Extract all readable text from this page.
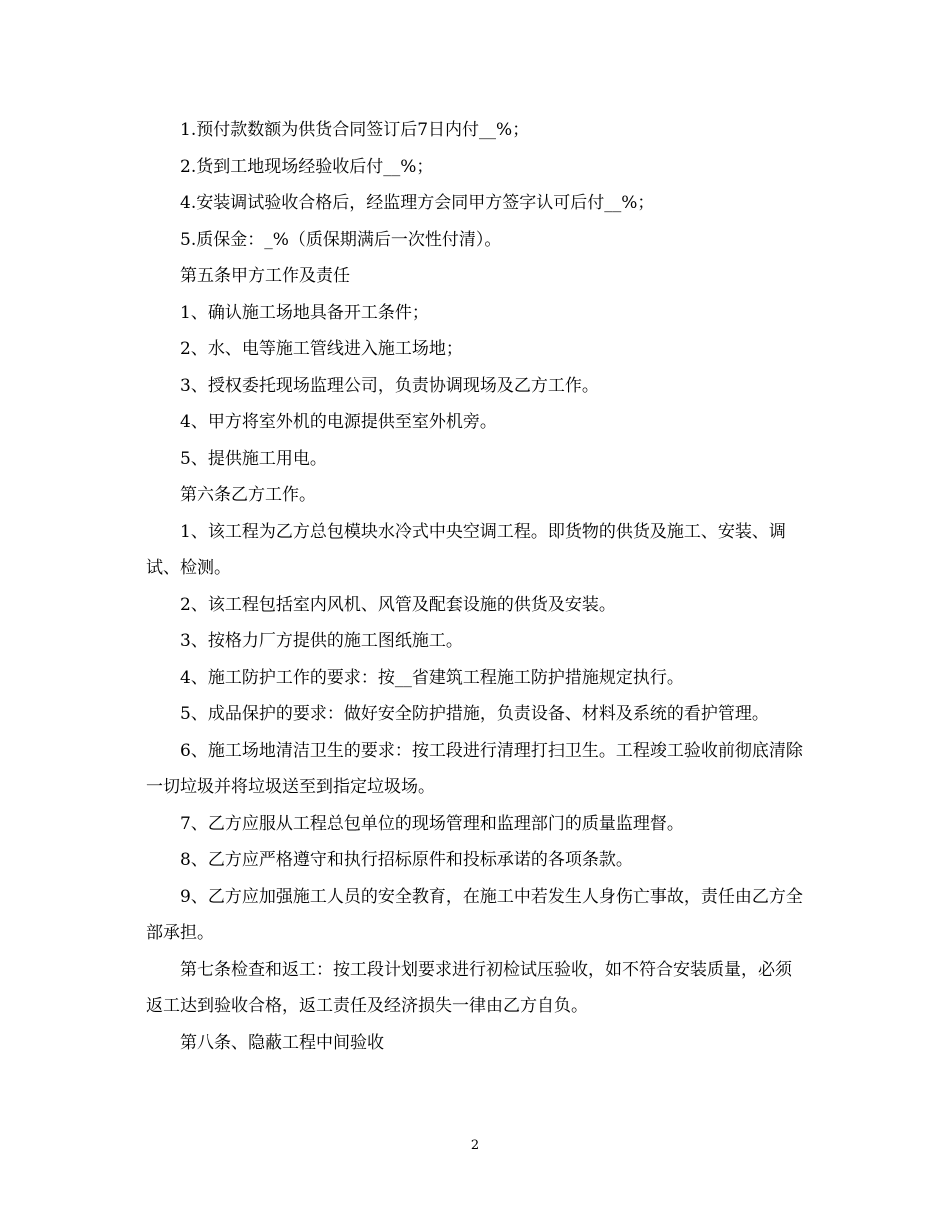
1.预付款数额为供货合同签订后7日内付__%；

2.货到工地现场经验收后付__%；

4.安装调试验收合格后，经监理方会同甲方签字认可后付__%；

5.质保金：_%（质保期满后一次性付清）。

第五条甲方工作及责任

1、确认施工场地具备开工条件；

2、水、电等施工管线进入施工场地；

3、授权委托现场监理公司，负责协调现场及乙方工作。

4、甲方将室外机的电源提供至室外机旁。

5、提供施工用电。

第六条乙方工作。

1、该工程为乙方总包模块水冷式中央空调工程。即货物的供货及施工、安装、调试、检测。

2、该工程包括室内风机、风管及配套设施的供货及安装。

3、按格力厂方提供的施工图纸施工。

4、施工防护工作的要求：按__省建筑工程施工防护措施规定执行。

5、成品保护的要求：做好安全防护措施，负责设备、材料及系统的看护管理。

6、施工场地清洁卫生的要求：按工段进行清理打扫卫生。工程竣工验收前彻底清除一切垃圾并将垃圾送至到指定垃圾场。

7、乙方应服从工程总包单位的现场管理和监理部门的质量监理督。

8、乙方应严格遵守和执行招标原件和投标承诺的各项条款。

9、乙方应加强施工人员的安全教育，在施工中若发生人身伤亡事故，责任由乙方全部承担。

第七条检查和返工：按工段计划要求进行初检试压验收，如不符合安装质量，必须返工达到验收合格，返工责任及经济损失一律由乙方自负。

第八条、隐蔽工程中间验收

2
